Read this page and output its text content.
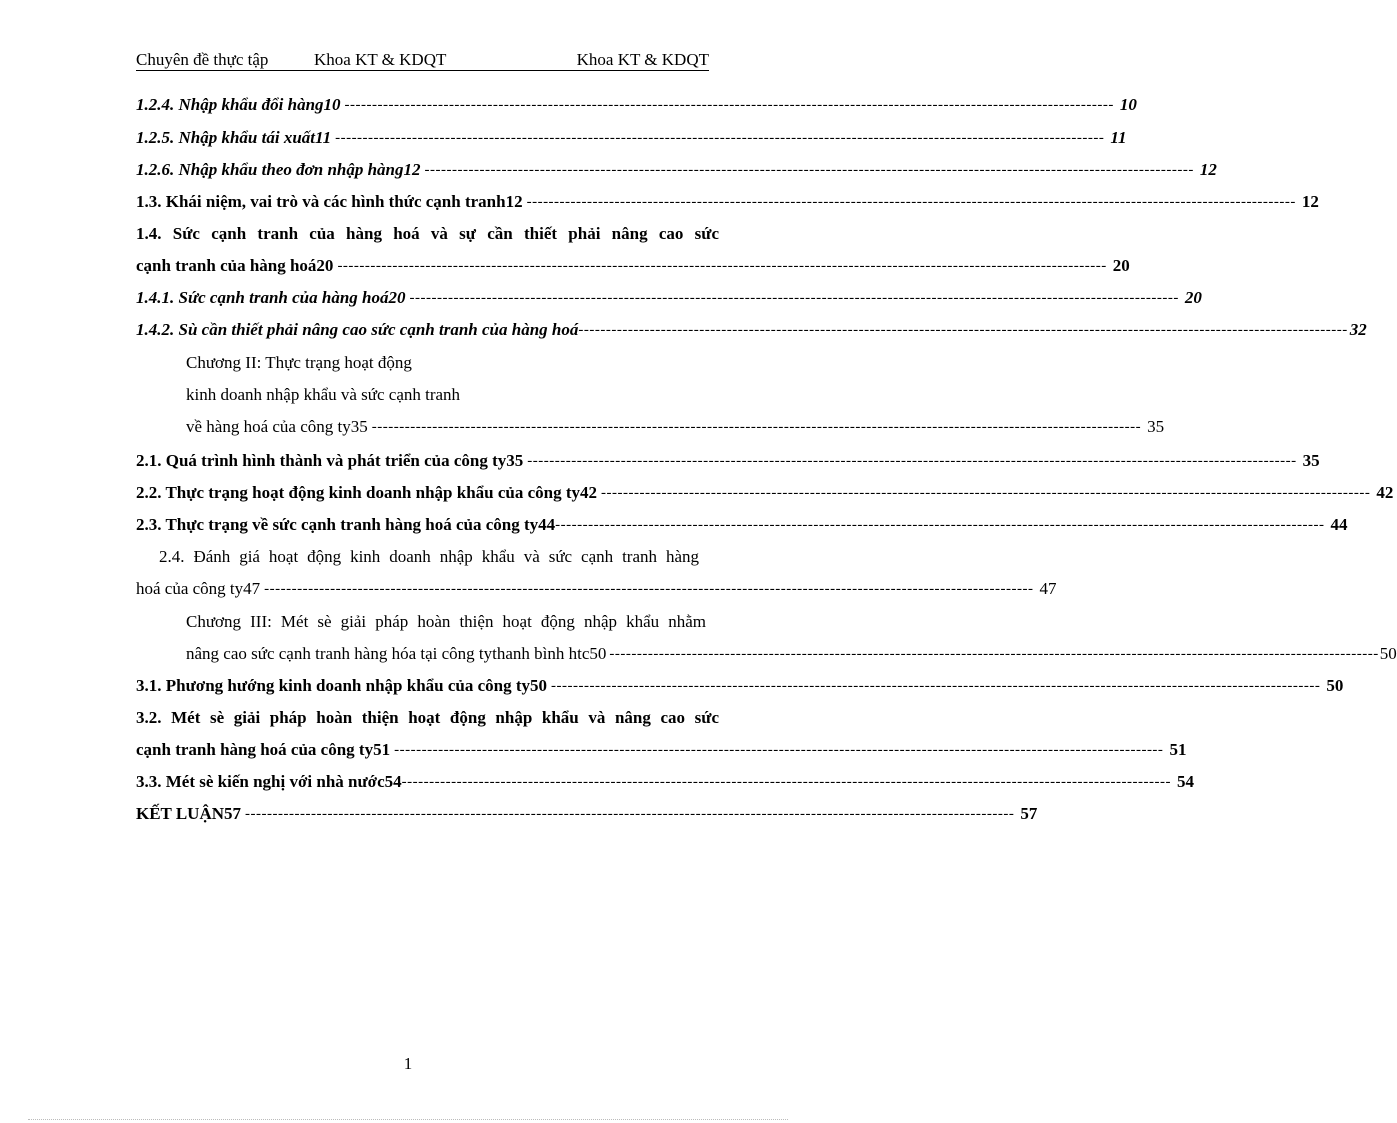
Chuyên đề thực tập	Khoa KT & KDQT	Khoa KT & KDQT
1.2.4. Nhập khẩu đổi hàng10 -------------------------------------------------------------------------------------------------------------------------------------------- 10
1.2.5. Nhập khẩu tái xuất11 -------------------------------------------------------------------------------------------------------------------------------------------- 11
1.2.6. Nhập khẩu theo đơn nhập hàng12 -------------------------------------------------------------------------------------------------------------------------------------------- 12
1.3. Khái niệm, vai trò và các hình thức cạnh tranh12 -------------------------------------------------------------------------------------------------------------------------------------------- 12
1.4. Sức cạnh tranh của hàng hoá và sự cần thiết phải nâng cao sức
cạnh tranh của hàng hoá20 -------------------------------------------------------------------------------------------------------------------------------------------- 20
1.4.1. Sức cạnh tranh của hàng hoá20 -------------------------------------------------------------------------------------------------------------------------------------------- 20
1.4.2. Sù cần thiết phải nâng cao sức cạnh tranh của hàng hoá -------------------------------------------------------------------------------------------------------------------------------------------- 32
Chương II: Thực trạng hoạt động
kinh doanh nhập khẩu và sức cạnh tranh
về hàng hoá của công ty35 -------------------------------------------------------------------------------------------------------------------------------------------- 35
2.1. Quá trình hình thành và phát triển của công ty35 -------------------------------------------------------------------------------------------------------------------------------------------- 35
2.2. Thực trạng hoạt động kinh doanh nhập khẩu của công ty42 -------------------------------------------------------------------------------------------------------------------------------------------- 42
2.3. Thực trạng về sức cạnh tranh hàng hoá của công ty44 -------------------------------------------------------------------------------------------------------------------------------------------- 44
2.4. Đánh giá hoạt động kinh doanh nhập khẩu và sức cạnh tranh hàng
hoá của công ty47 -------------------------------------------------------------------------------------------------------------------------------------------- 47
Chương III: Mét sè giải pháp hoàn thiện hoạt động nhập khẩu nhằm
nâng cao sức cạnh tranh hàng hóa tại công tythanh bình htc50 -------------------------------------------------------------------------------------------------------------------------------------------- 50
3.1. Phương hướng kinh doanh nhập khẩu của công ty50 -------------------------------------------------------------------------------------------------------------------------------------------- 50
3.2. Mét sè giải pháp hoàn thiện hoạt động nhập khẩu và nâng cao sức
cạnh tranh hàng hoá của công ty51 -------------------------------------------------------------------------------------------------------------------------------------------- 51
3.3. Mét sè kiến nghị với nhà nước54 -------------------------------------------------------------------------------------------------------------------------------------------- 54
KẾT LUẬN57 -------------------------------------------------------------------------------------------------------------------------------------------- 57
1
